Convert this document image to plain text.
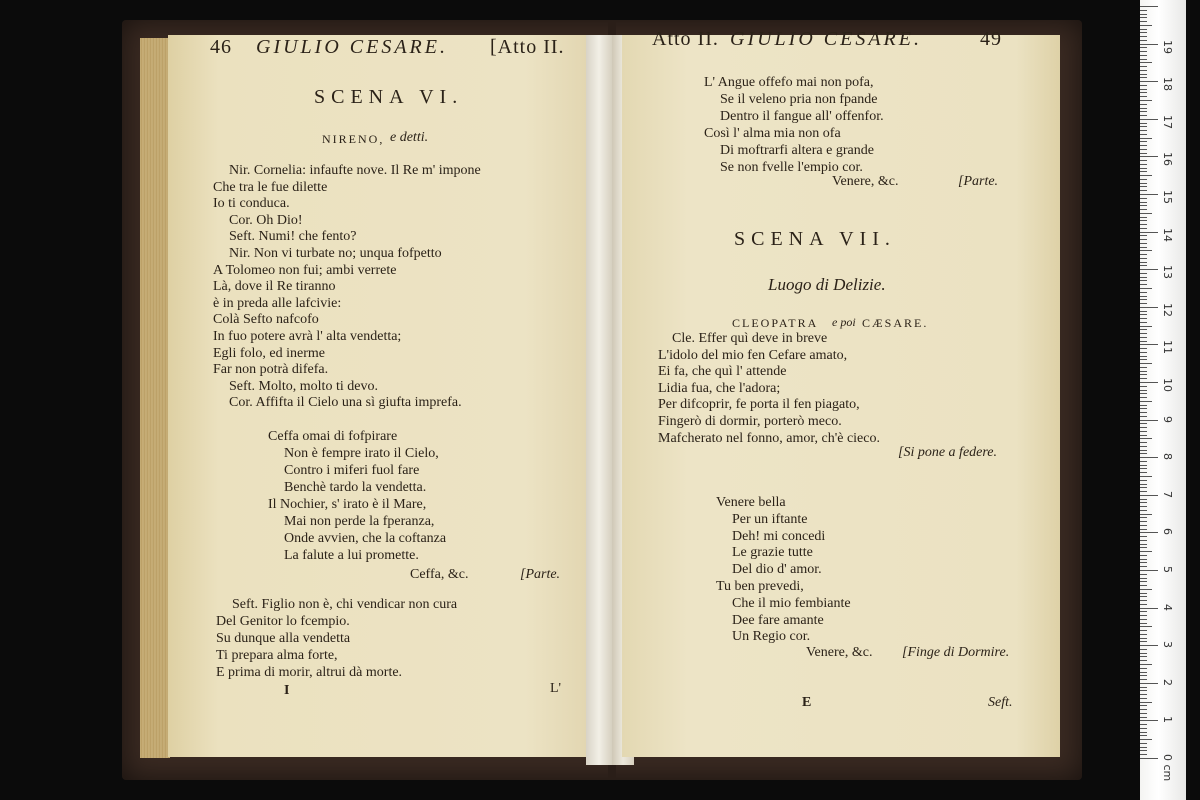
46 GIULIO CESARE. [Atto II.
SCENA VI.
NIRENO, e detti.
Nir. Cornelia: infaufte nove. Il Re m' impone
Che tra le fue dilette
Io ti conduca.
Cor. Oh Dio!
Seft. Numi! che fento?
Nir. Non vi turbate no; unqua fofpetto
A Tolomeo non fui; ambi verrete
Là, dove il Re tiranno
è in preda alle lafcivie:
Colà Sefto nafcofo
In fuo potere avrà l' alta vendetta;
Egli folo, ed inerme
Far non potrà difefa.
Seft. Molto, molto ti devo.
Cor. Affifta il Cielo una sì giufta imprefa.
Ceffa omai di fofpirare
Non è fempre irato il Cielo,
Contro i miferi fuol fare
Benchè tardo la vendetta.
Il Nochier, s' irato è il Mare,
Mai non perde la fperanza,
Onde avvien, che la coftanza
La falute a lui promette.
Ceffa, &c.	[Parte.
Seft. Figlio non è, chi vendicar non cura
Del Genitor lo fcempio.
Su dunque alla vendetta
Ti prepara alma forte,
E prima di morir, altrui dà morte.
I	L'
Atto II. GIULIO CESARE.	49
L' Angue offefo mai non pofa,
Se il veleno pria non fpande
Dentro il fangue all' offenfor.
Così l' alma mia non ofa
Di moftrarfi altera e grande
Se non fvelle l'empio cor.
Venere, &c.	[Parte.
SCENA VII.
Luogo di Delizie.
CLEOPATRA e poi CÆSARE.
Cle. Effer quì deve in breve
L'idolo del mio fen Cefare amato,
Ei fa, che quì l' attende
Lidia fua, che l'adora;
Per difcoprir, fe porta il fen piagato,
Fingerò di dormir, porterò meco.
Mafcherato nel fonno, amor, ch'è cieco.
[Si pone a federe.
Venere bella
Per un iftante
Deh! mi concedi
Le grazie tutte
Del dio d' amor.
Tu ben prevedi,
Che il mio fembiante
Dee fare amante
Un Regio cor.
Venere, &c. [Finge di Dormire.
E	Seft.
0 cm
1
2
3
4
5
6
7
8
9
10
11
12
13
14
15
16
17
18
19
